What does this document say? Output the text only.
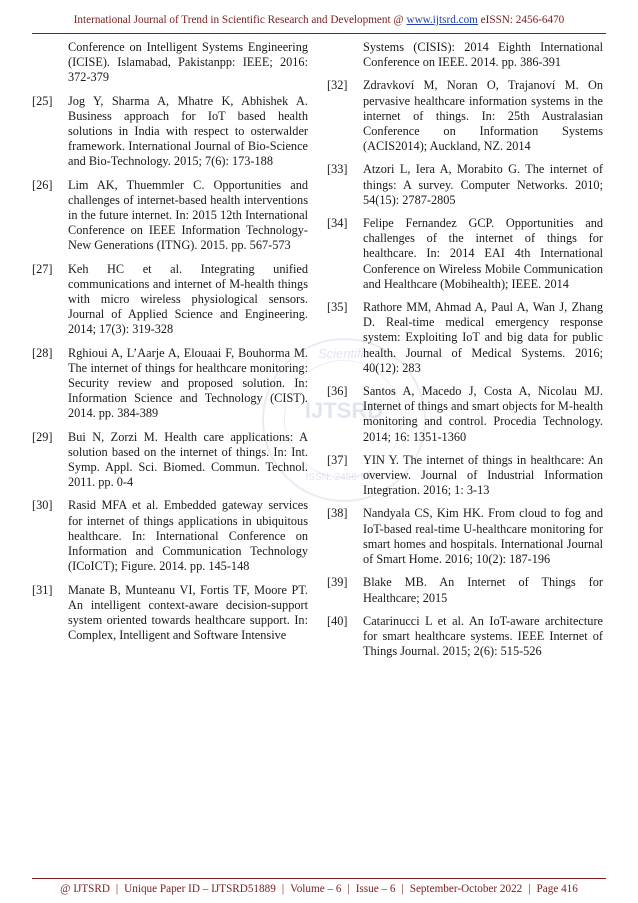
International Journal of Trend in Scientific Research and Development @ www.ijtsrd.com eISSN: 2456-6470
Scientific
IJTSRD
ISSN: 2456-6470
Conference on Intelligent Systems Engineering (ICISE). Islamabad, Pakistanpp: IEEE; 2016: 372-379
[25]	Jog Y, Sharma A, Mhatre K, Abhishek A. Business approach for IoT based health solutions in India with respect to osterwalder framework. International Journal of Bio-Science and Bio-Technology. 2015; 7(6): 173-188
[26]	Lim AK, Thuemmler C. Opportunities and challenges of internet-based health interventions in the future internet. In: 2015 12th International Conference on IEEE Information Technology-New Generations (ITNG). 2015. pp. 567-573
[27]	Keh HC et al. Integrating unified communications and internet of M-health things with micro wireless physiological sensors. Journal of Applied Science and Engineering. 2014; 17(3): 319-328
[28]	Rghioui A, L’Aarje A, Elouaai F, Bouhorma M. The internet of things for healthcare monitoring: Security review and proposed solution. In: Information Science and Technology (CIST). 2014. pp. 384-389
[29]	Bui N, Zorzi M. Health care applications: A solution based on the internet of things. In: Int. Symp. Appl. Sci. Biomed. Commun. Technol. 2011. pp. 0-4
[30]	Rasid MFA et al. Embedded gateway services for internet of things applications in ubiquitous healthcare. In: International Conference on Information and Communication Technology (ICoICT); Figure. 2014. pp. 145-148
[31]	Manate B, Munteanu VI, Fortis TF, Moore PT. An intelligent context-aware decision-support system oriented towards healthcare support. In: Complex, Intelligent and Software Intensive
Systems (CISIS): 2014 Eighth International Conference on IEEE. 2014. pp. 386-391
[32]	Zdravkoví M, Noran O, Trajanoví M. On pervasive healthcare information systems in the internet of things. In: 25th Australasian Conference on Information Systems (ACIS2014); Auckland, NZ. 2014
[33]	Atzori L, Iera A, Morabito G. The internet of things: A survey. Computer Networks. 2010; 54(15): 2787-2805
[34]	Felipe Fernandez GCP. Opportunities and challenges of the internet of things for healthcare. In: 2014 EAI 4th International Conference on Wireless Mobile Communication and Healthcare (Mobihealth); IEEE. 2014
[35]	Rathore MM, Ahmad A, Paul A, Wan J, Zhang D. Real-time medical emergency response system: Exploiting IoT and big data for public health. Journal of Medical Systems. 2016; 40(12): 283
[36]	Santos A, Macedo J, Costa A, Nicolau MJ. Internet of things and smart objects for M-health monitoring and control. Procedia Technology. 2014; 16: 1351-1360
[37]	YIN Y. The internet of things in healthcare: An overview. Journal of Industrial Information Integration. 2016; 1: 3-13
[38]	Nandyala CS, Kim HK. From cloud to fog and IoT-based real-time U-healthcare monitoring for smart homes and hospitals. International Journal of Smart Home. 2016; 10(2): 187-196
[39]	Blake MB. An Internet of Things for Healthcare; 2015
[40]	Catarinucci L et al. An IoT-aware architecture for smart healthcare systems. IEEE Internet of Things Journal. 2015; 2(6): 515-526
@ IJTSRD | Unique Paper ID – IJTSRD51889 | Volume – 6 | Issue – 6 | September-October 2022 | Page 416
